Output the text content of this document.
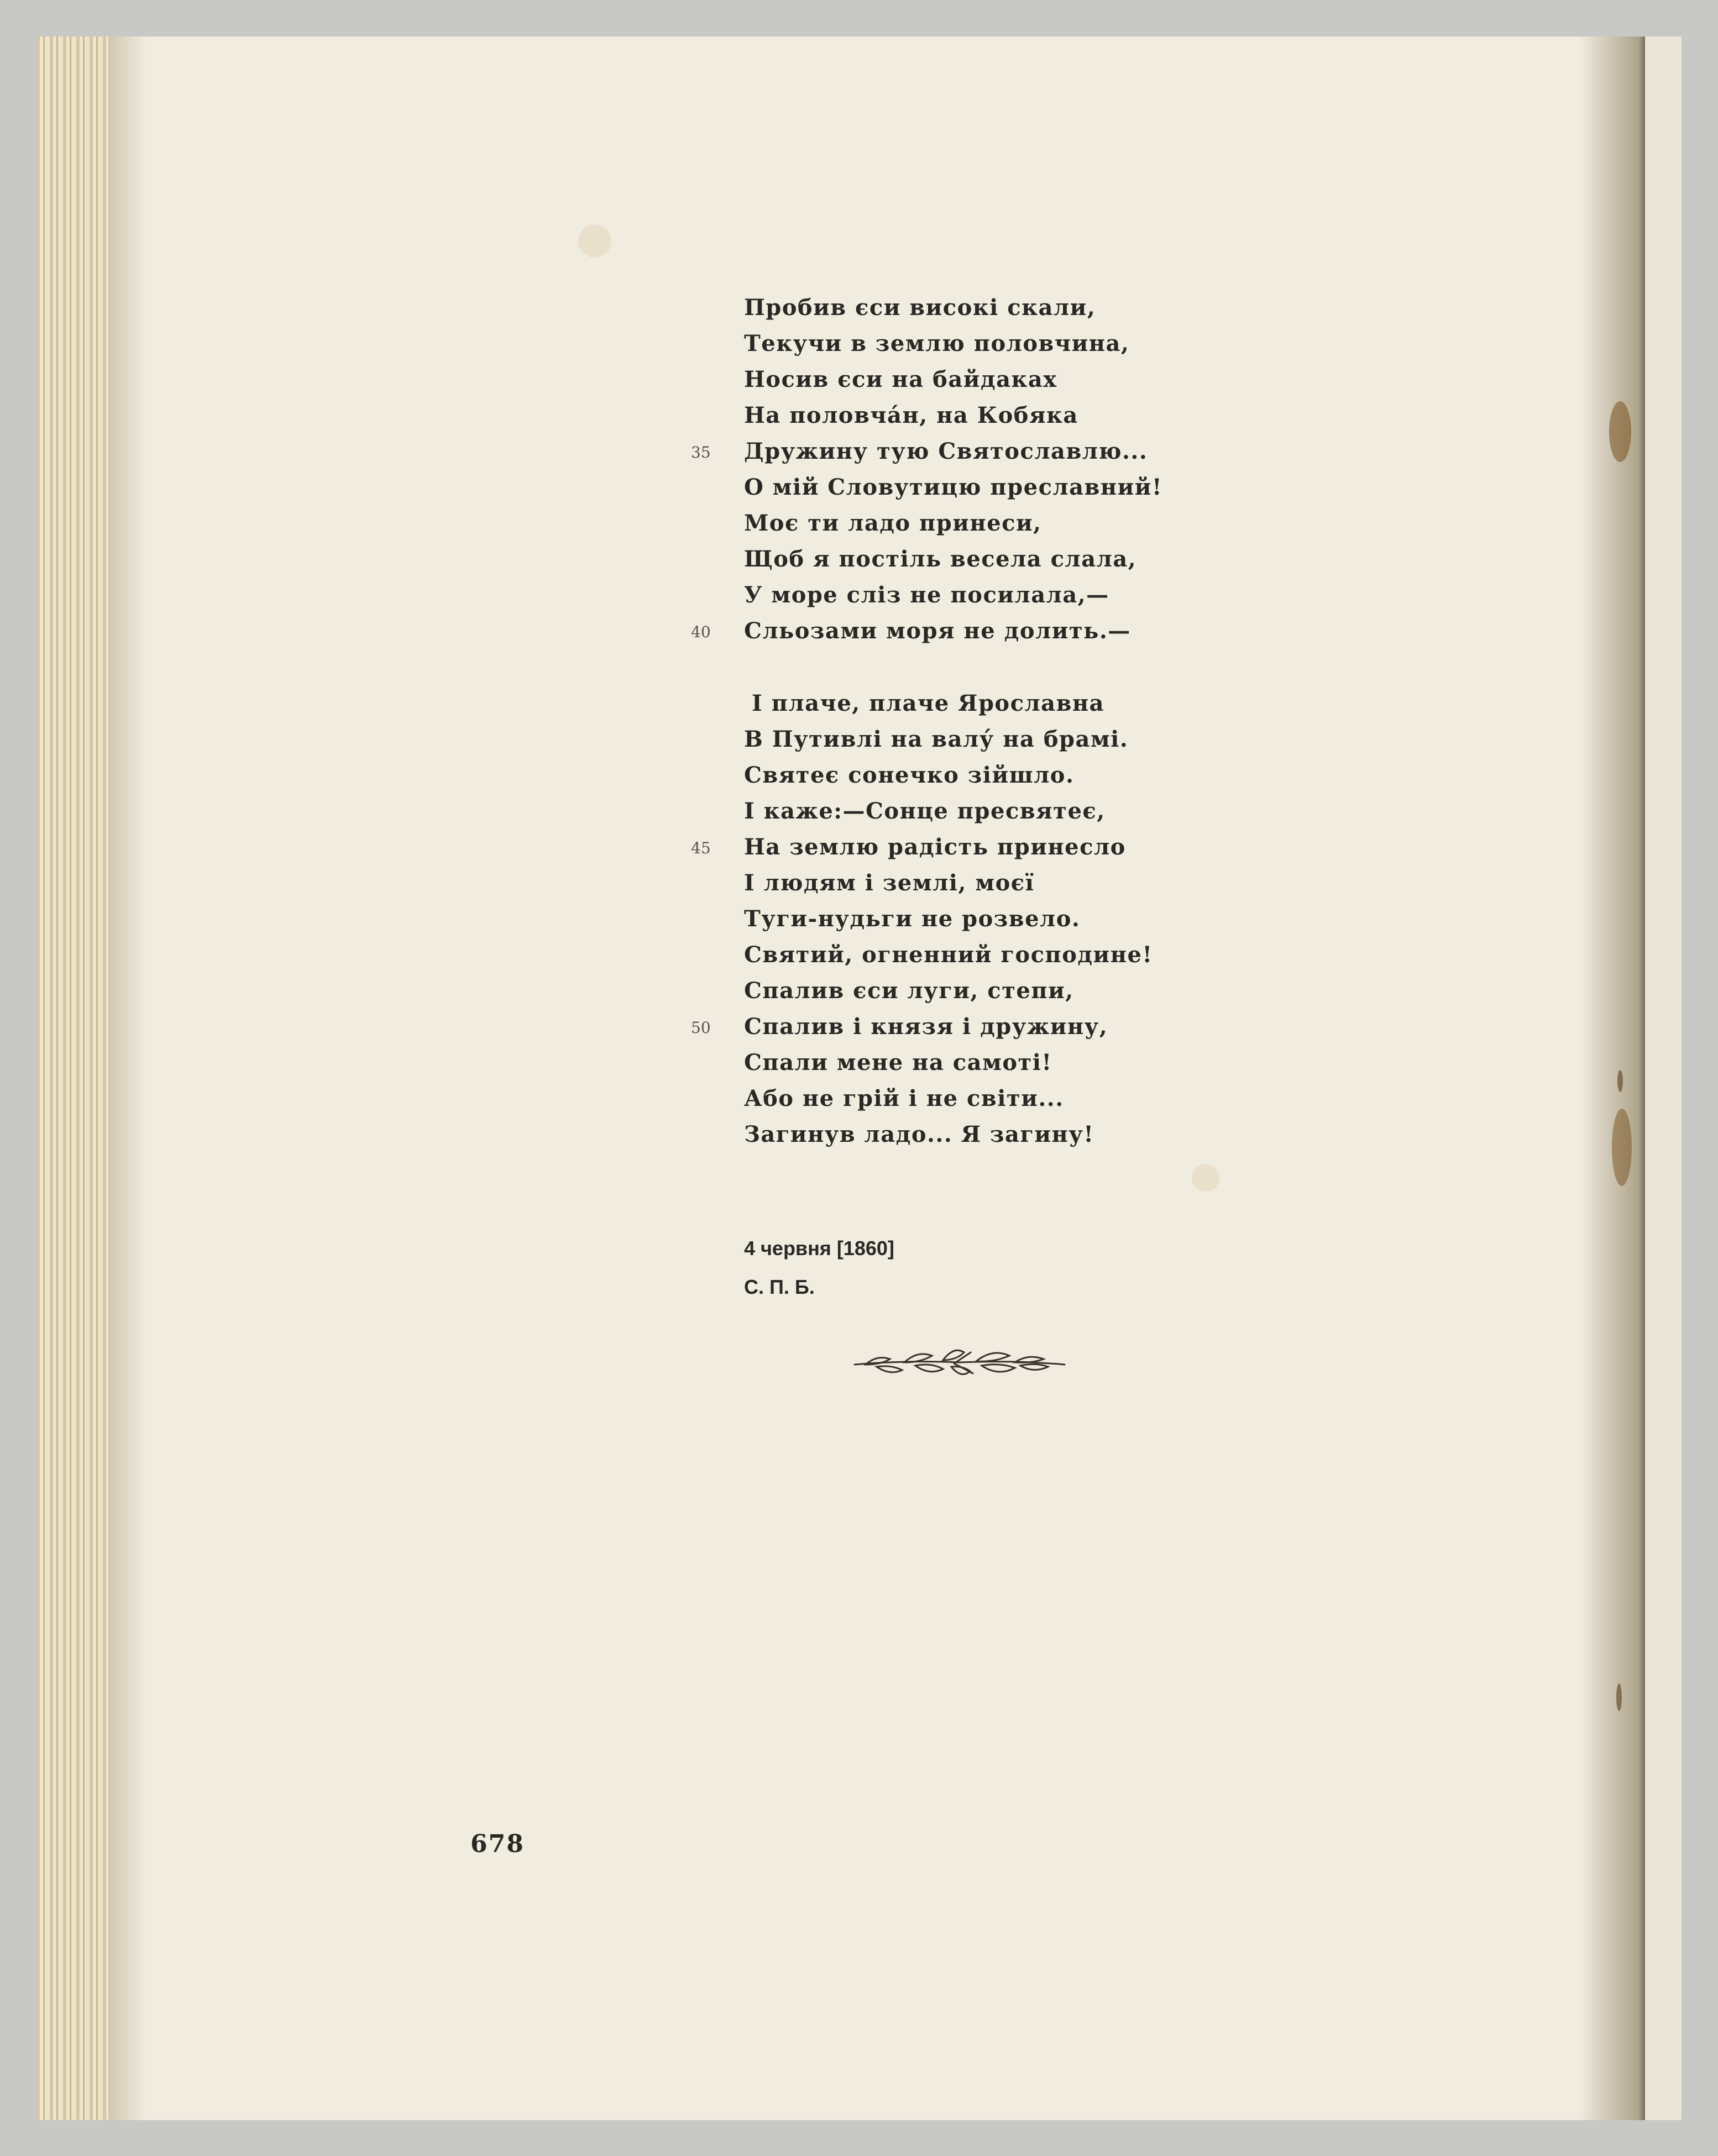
Пробив єси високі скали,
Текучи в землю половчина,
Носив єси на байдаках
На половча́н, на Кобяка
35 Дружину тую Святославлю...
О мій Словутицю преславний!
Моє ти ладо принеси,
Щоб я постіль весела слала,
У море сліз не посилала,—
40 Сльозами моря не долить.—
І плаче, плаче Ярославна
В Путивлі на валу́ на брамі.
Святеє сонечко зійшло.
І каже:—Сонце пресвятеє,
45 На землю радість принесло
І людям і землі, моєї
Туги-нудьги не розвело.
Святий, огненний господине!
Спалив єси луги, степи,
50 Спалив і князя і дружину,
Спали мене на самоті!
Або не грій і не світи...
Загинув ладо... Я загину!
4 червня [1860]
С. П. Б.
678
